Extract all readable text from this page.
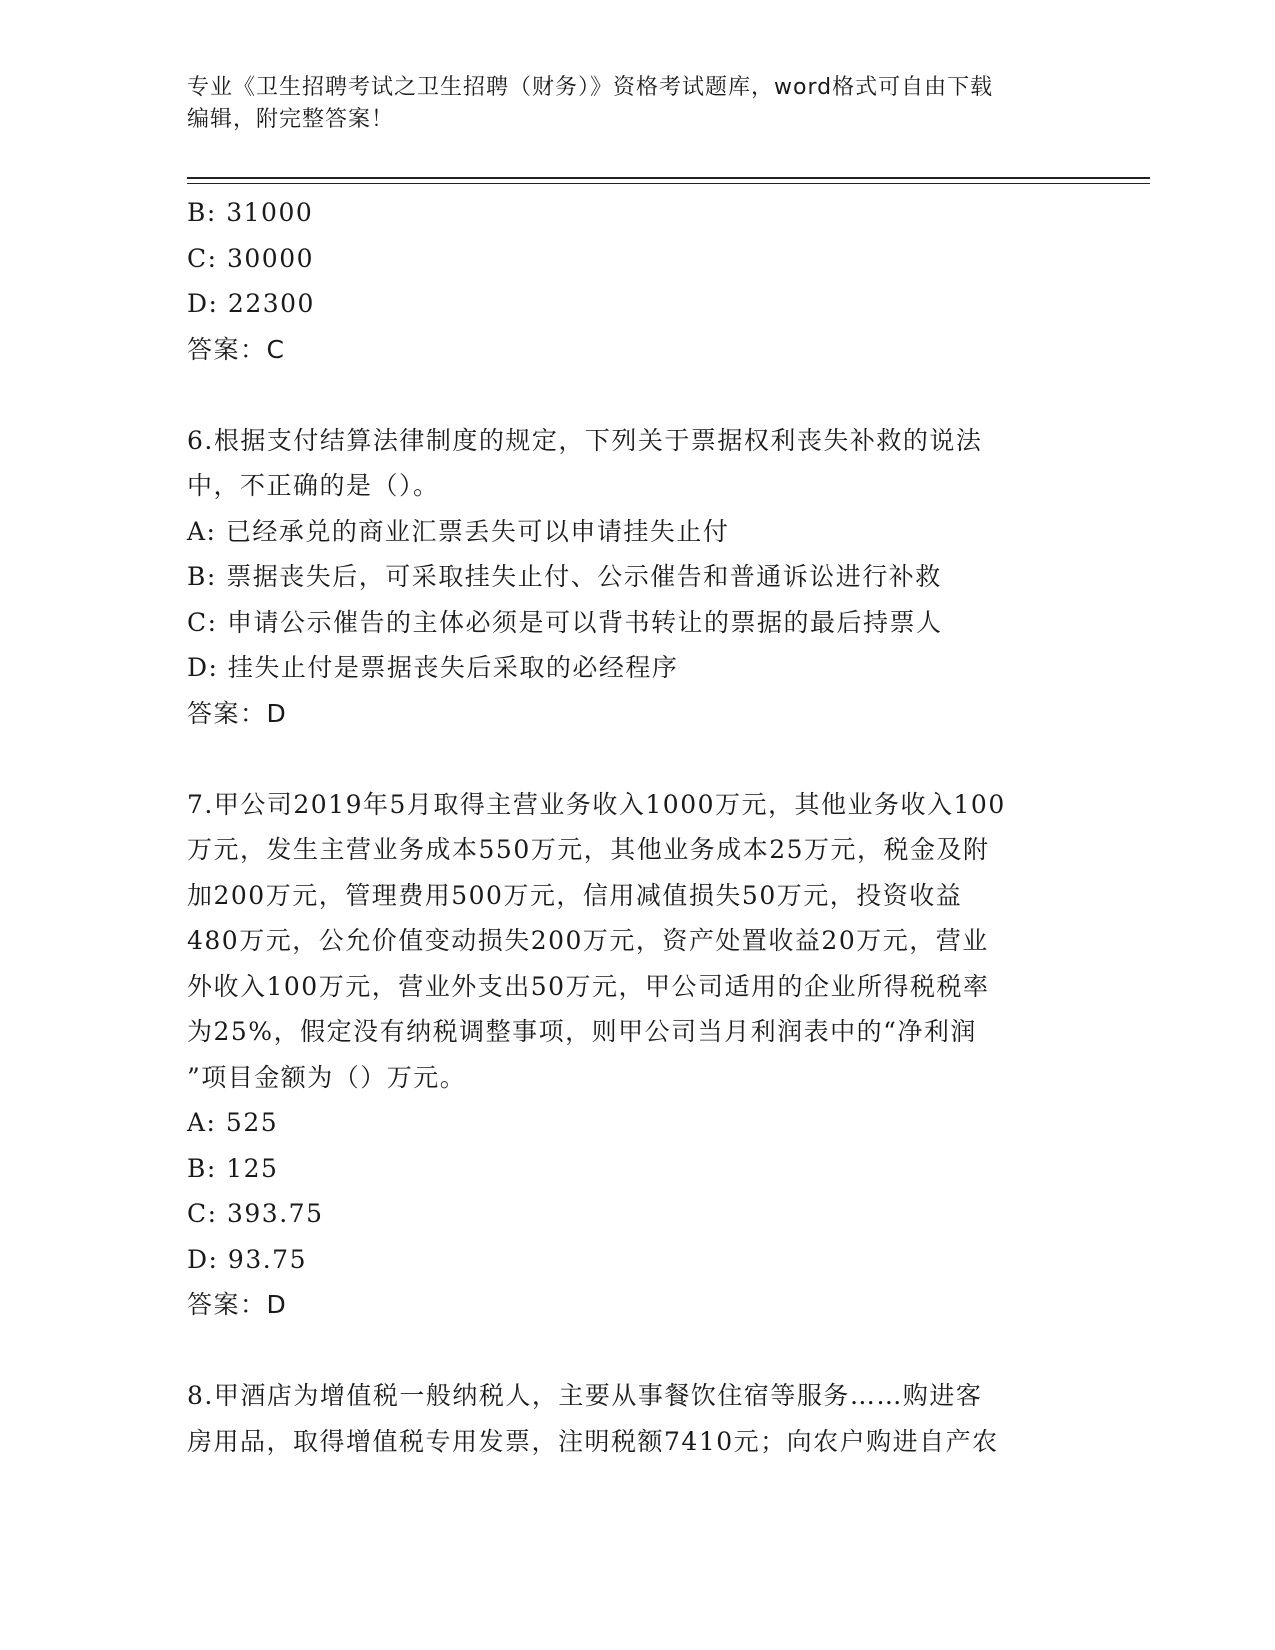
专业《卫生招聘考试之卫生招聘（财务）》资格考试题库，word格式可自由下载
编辑，附完整答案！
B: 31000
C: 30000
D: 22300
答案：C
6.根据支付结算法律制度的规定，下列关于票据权利丧失补救的说法
中，不正确的是（）。
A: 已经承兑的商业汇票丢失可以申请挂失止付
B: 票据丧失后，可采取挂失止付、公示催告和普通诉讼进行补救
C: 申请公示催告的主体必须是可以背书转让的票据的最后持票人
D: 挂失止付是票据丧失后采取的必经程序
答案：D
7.甲公司2019年5月取得主营业务收入1000万元，其他业务收入100
万元，发生主营业务成本550万元，其他业务成本25万元，税金及附
加200万元，管理费用500万元，信用减值损失50万元，投资收益
480万元，公允价值变动损失200万元，资产处置收益20万元，营业
外收入100万元，营业外支出50万元，甲公司适用的企业所得税税率
为25%，假定没有纳税调整事项，则甲公司当月利润表中的“净利润
”项目金额为（）万元。
A: 525
B: 125
C: 393.75
D: 93.75
答案：D
8.甲酒店为增值税一般纳税人，主要从事餐饮住宿等服务……购进客
房用品，取得增值税专用发票，注明税额7410元；向农户购进自产农
